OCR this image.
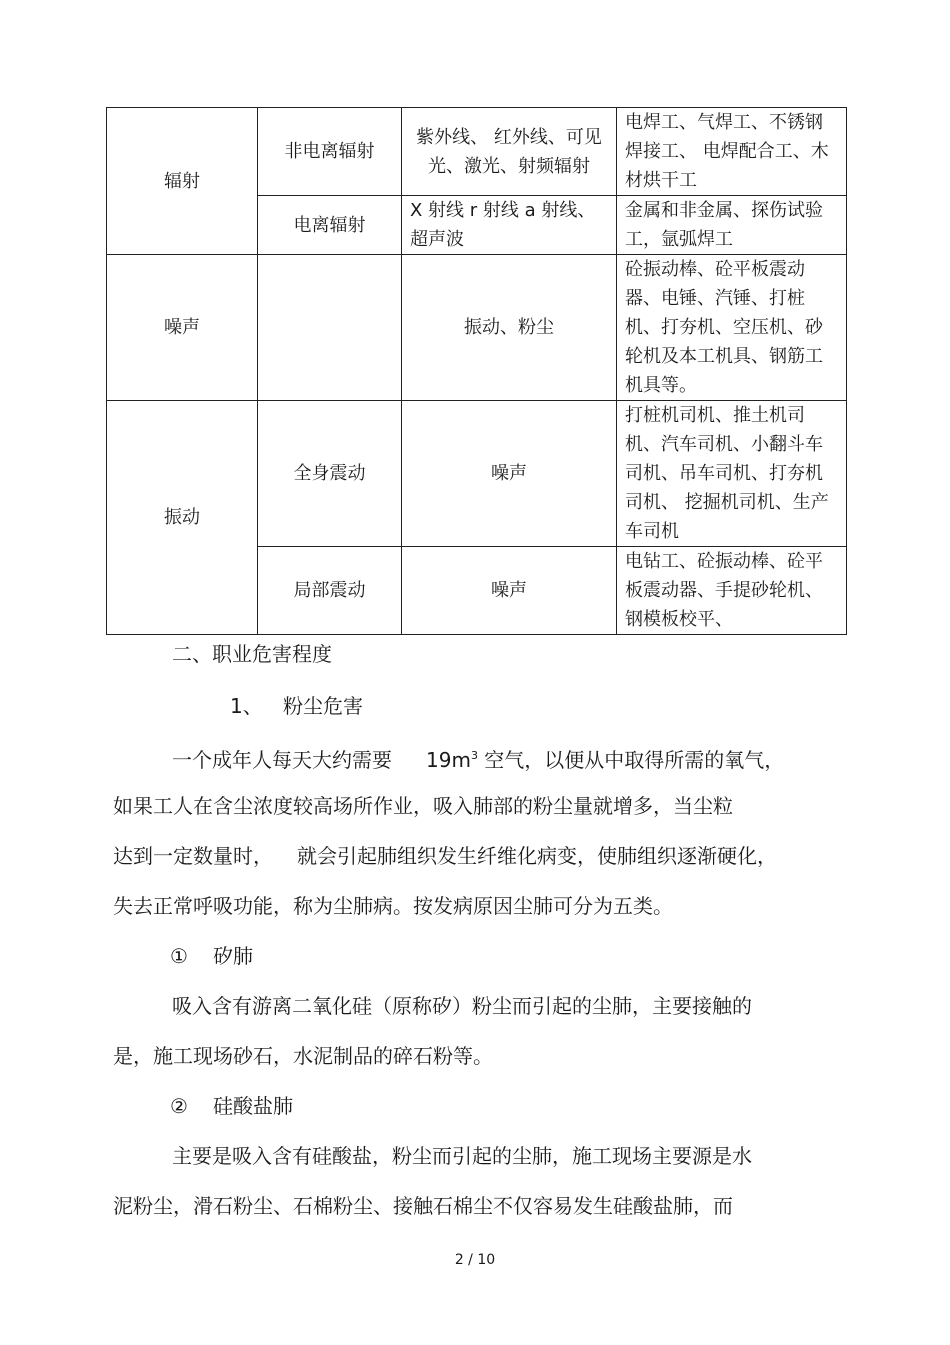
辐射	非电离辐射	紫外线、 红外线、可见光、激光、射频辐射	电焊工、气焊工、不锈钢焊接工、 电焊配合工、木材烘干工
	电离辐射	X 射线 r 射线 a 射线、超声波	金属和非金属、探伤试验工，氩弧焊工
噪声		振动、粉尘	砼振动棒、砼平板震动器、电锤、汽锤、打桩机、打夯机、空压机、砂轮机及本工机具、钢筋工机具等。
振动	全身震动	噪声	打桩机司机、推土机司机、汽车司机、小翻斗车司机、吊车司机、打夯机司机、 挖掘机司机、生产车司机
	局部震动	噪声	电钻工、砼振动棒、砼平板震动器、手提砂轮机、钢模板校平、
二、职业危害程度
1、 粉尘危害
一个成年人每天大约需要 $19m^3$ 空气，以便从中取得所需的氧气，
如果工人在含尘浓度较高场所作业，吸入肺部的粉尘量就增多，当尘粒
达到一定数量时， 就会引起肺组织发生纤维化病变，使肺组织逐渐硬化，
失去正常呼吸功能，称为尘肺病。按发病原因尘肺可分为五类。
① 矽肺
吸入含有游离二氧化硅（原称矽）粉尘而引起的尘肺，主要接触的
是，施工现场砂石，水泥制品的碎石粉等。
② 硅酸盐肺
主要是吸入含有硅酸盐，粉尘而引起的尘肺，施工现场主要源是水
泥粉尘，滑石粉尘、石棉粉尘、接触石棉尘不仅容易发生硅酸盐肺，而
2 / 10
